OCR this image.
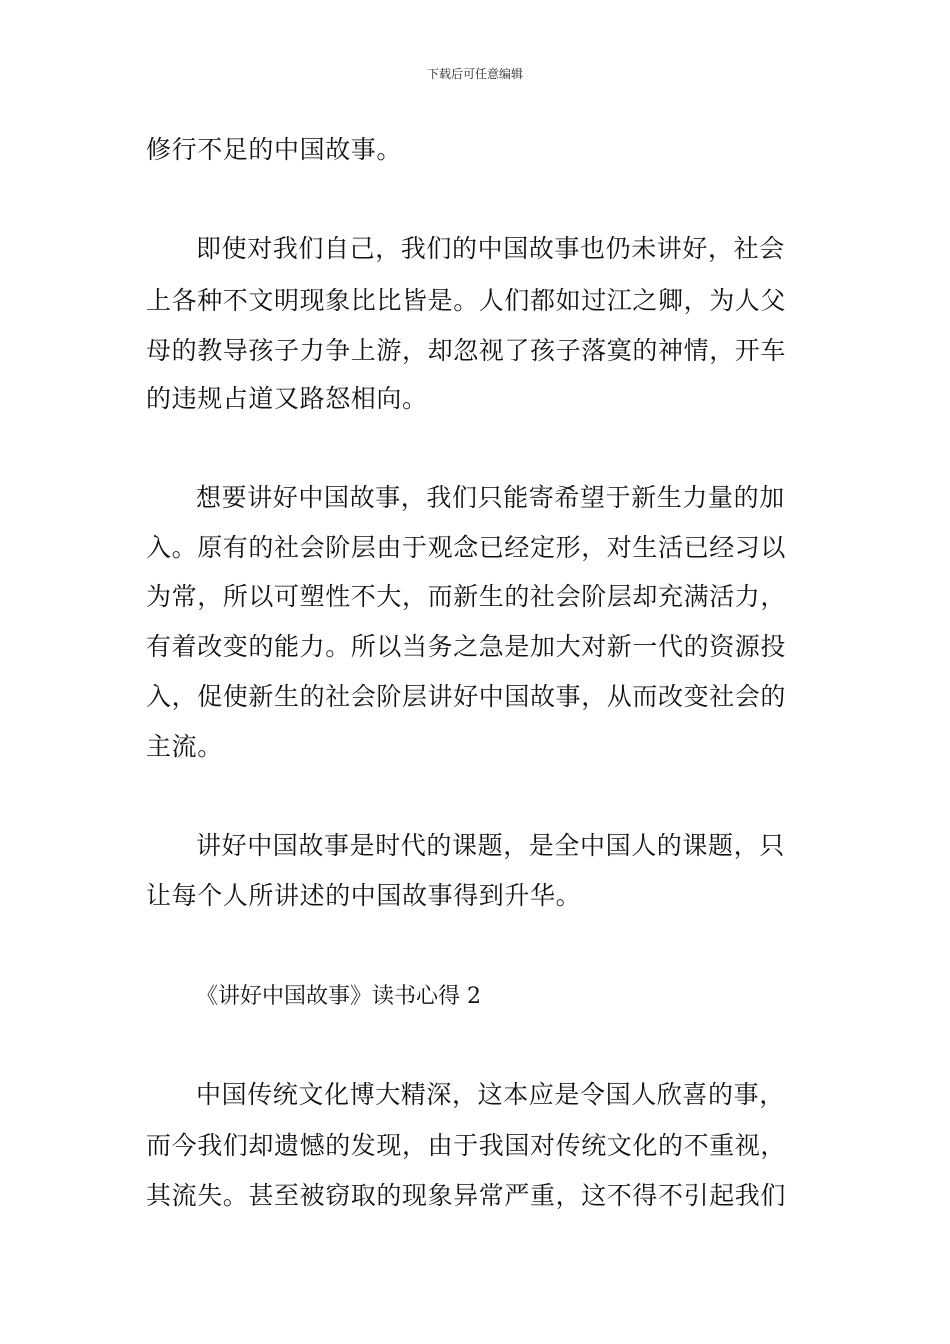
下载后可任意编辑
修行不足的中国故事。
即使对我们自己，我们的中国故事也仍未讲好，社会
上各种不文明现象比比皆是。人们都如过江之卿，为人父
母的教导孩子力争上游，却忽视了孩子落寞的神情，开车
的违规占道又路怒相向。
想要讲好中国故事，我们只能寄希望于新生力量的加
入。原有的社会阶层由于观念已经定形，对生活已经习以
为常，所以可塑性不大，而新生的社会阶层却充满活力，
有着改变的能力。所以当务之急是加大对新一代的资源投
入，促使新生的社会阶层讲好中国故事，从而改变社会的
主流。
讲好中国故事是时代的课题，是全中国人的课题，只
让每个人所讲述的中国故事得到升华。
《讲好中国故事》读书心得 2
中国传统文化博大精深，这本应是令国人欣喜的事，
而今我们却遗憾的发现，由于我国对传统文化的不重视，
其流失。甚至被窃取的现象异常严重，这不得不引起我们
